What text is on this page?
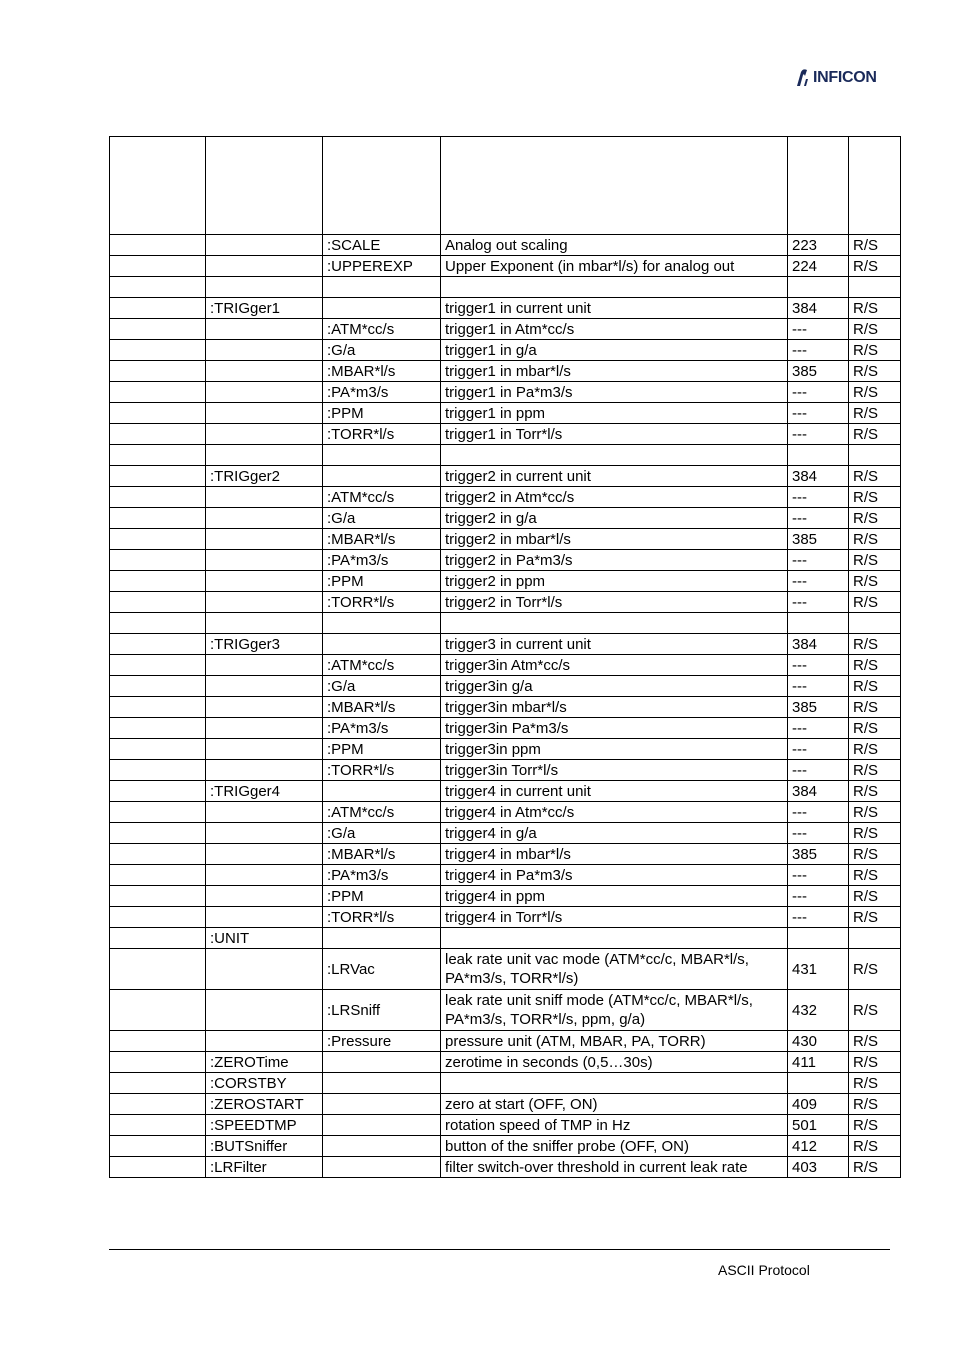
INFICON

		:SCALE	Analog out scaling	223	R/S
		:UPPEREXP	Upper Exponent (in mbar*l/s) for analog out	224	R/S

	:TRIGger1		trigger1 in current unit	384	R/S
		:ATM*cc/s	trigger1 in Atm*cc/s	---	R/S
		:G/a	trigger1 in g/a	---	R/S
		:MBAR*l/s	trigger1 in mbar*l/s	385	R/S
		:PA*m3/s	trigger1 in Pa*m3/s	---	R/S
		:PPM	trigger1 in ppm	---	R/S
		:TORR*l/s	trigger1 in Torr*l/s	---	R/S

	:TRIGger2		trigger2 in current unit	384	R/S
		:ATM*cc/s	trigger2 in Atm*cc/s	---	R/S
		:G/a	trigger2 in g/a	---	R/S
		:MBAR*l/s	trigger2 in mbar*l/s	385	R/S
		:PA*m3/s	trigger2 in Pa*m3/s	---	R/S
		:PPM	trigger2 in ppm	---	R/S
		:TORR*l/s	trigger2 in Torr*l/s	---	R/S

	:TRIGger3		trigger3 in current unit	384	R/S
		:ATM*cc/s	trigger3in Atm*cc/s	---	R/S
		:G/a	trigger3in g/a	---	R/S
		:MBAR*l/s	trigger3in mbar*l/s	385	R/S
		:PA*m3/s	trigger3in Pa*m3/s	---	R/S
		:PPM	trigger3in ppm	---	R/S
		:TORR*l/s	trigger3in Torr*l/s	---	R/S
	:TRIGger4		trigger4 in current unit	384	R/S
		:ATM*cc/s	trigger4 in Atm*cc/s	---	R/S
		:G/a	trigger4 in g/a	---	R/S
		:MBAR*l/s	trigger4 in mbar*l/s	385	R/S
		:PA*m3/s	trigger4 in Pa*m3/s	---	R/S
		:PPM	trigger4 in ppm	---	R/S
		:TORR*l/s	trigger4 in Torr*l/s	---	R/S
	:UNIT				
		:LRVac	leak rate unit vac mode (ATM*cc/c, MBAR*l/s, PA*m3/s, TORR*l/s)	431	R/S
		:LRSniff	leak rate unit sniff mode (ATM*cc/c, MBAR*l/s, PA*m3/s, TORR*l/s, ppm, g/a)	432	R/S
		:Pressure	pressure unit (ATM, MBAR, PA, TORR)	430	R/S
	:ZEROTime		zerotime in seconds (0,5…30s)	411	R/S
	:CORSTBY				R/S
	:ZEROSTART		zero at start (OFF, ON)	409	R/S
	:SPEEDTMP		rotation speed of TMP in Hz	501	R/S
	:BUTSniffer		button of the sniffer probe (OFF, ON)	412	R/S
	:LRFilter		filter switch-over threshold in current leak rate	403	R/S
ASCII Protocol
